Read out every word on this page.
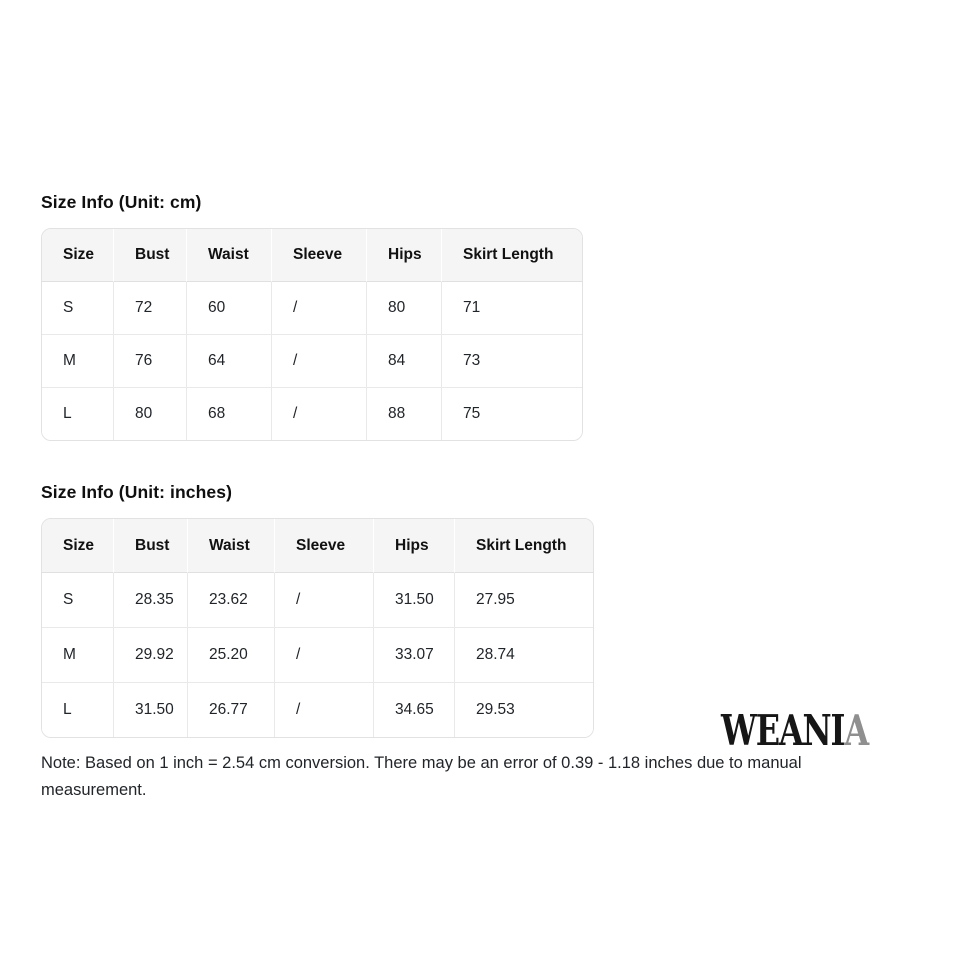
Size Info (Unit: cm)
Size	Bust	Waist	Sleeve	Hips	Skirt Length
S	72	60	/	80	71
M	76	64	/	84	73
L	80	68	/	88	75
Size Info (Unit: inches)
Size	Bust	Waist	Sleeve	Hips	Skirt Length
S	28.35	23.62	/	31.50	27.95
M	29.92	25.20	/	33.07	28.74
L	31.50	26.77	/	34.65	29.53

Note: Based on 1 inch = 2.54 cm conversion. There may be an error of 0.39 - 1.18 inches due to manual
measurement.

WEANIA
